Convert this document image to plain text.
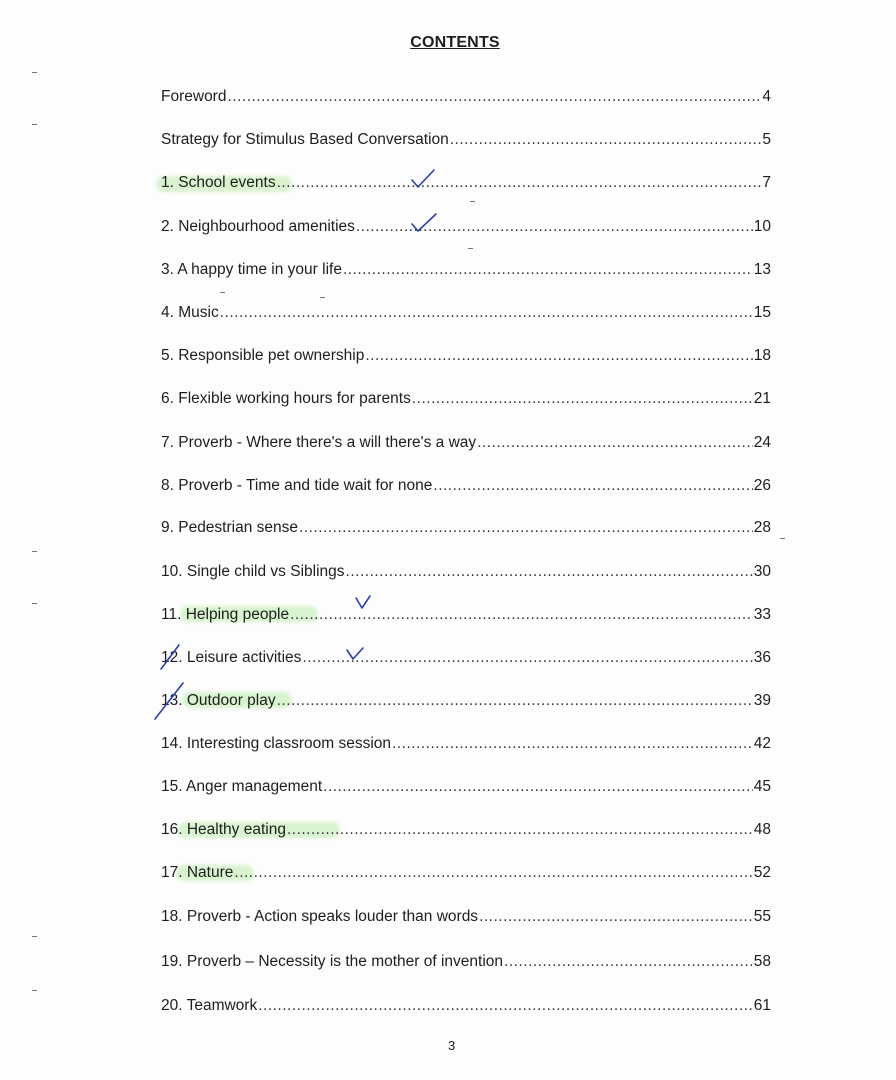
CONTENTS
Foreword .....	4
Strategy for Stimulus Based Conversation .....	5
1. School events .....	7
2. Neighbourhood amenities .....	10
3. A happy time in your life .....	13
4. Music .....	15
5. Responsible pet ownership .....	18
6. Flexible working hours for parents .....	21
7. Proverb - Where there's a will there's a way .....	24
8. Proverb - Time and tide wait for none .....	26
9. Pedestrian sense .....	28
10. Single child vs Siblings .....	30
11. Helping people .....	33
12. Leisure activities .....	36
13. Outdoor play .....	39
14. Interesting classroom session .....	42
15. Anger management .....	45
16. Healthy eating .....	48
17. Nature .....	52
18. Proverb - Action speaks louder than words .....	55
19. Proverb – Necessity is the mother of invention .....	58
20. Teamwork .....	61
3
